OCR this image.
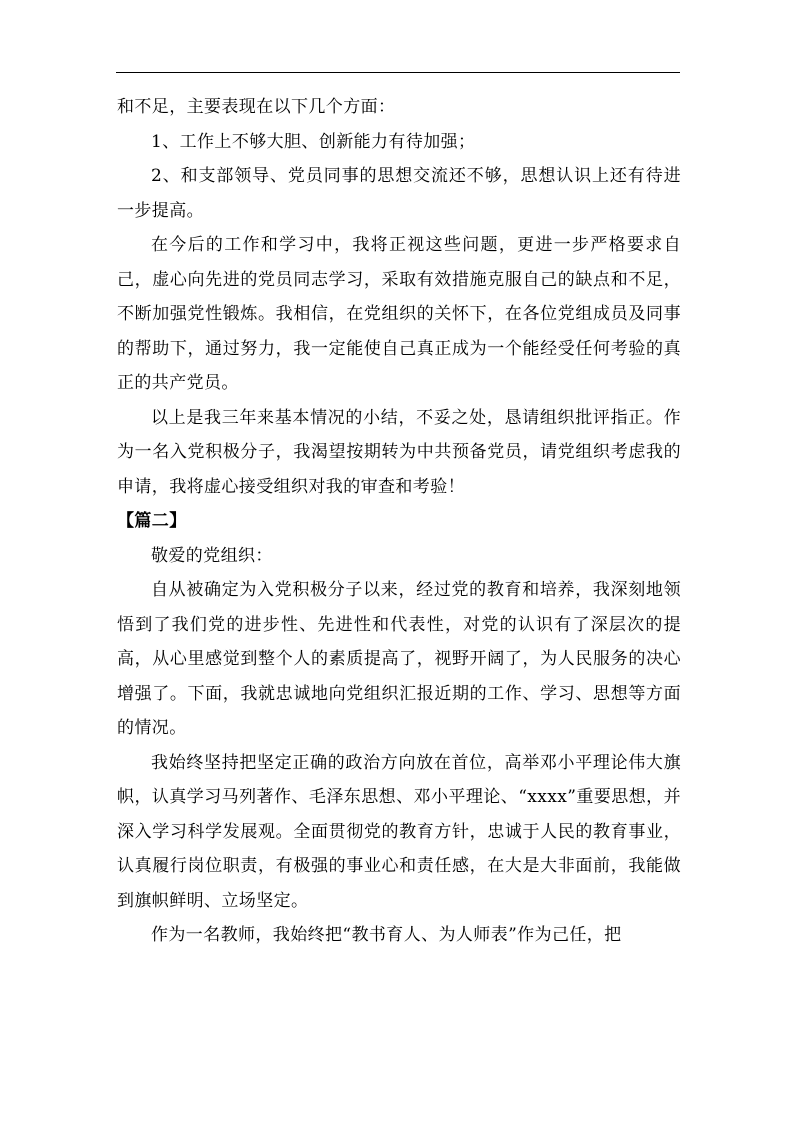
和不足，主要表现在以下几个方面：

1、工作上不够大胆、创新能力有待加强；

2、和支部领导、党员同事的思想交流还不够，思想认识上还有待进一步提高。

在今后的工作和学习中，我将正视这些问题，更进一步严格要求自己，虚心向先进的党员同志学习，采取有效措施克服自己的缺点和不足，不断加强党性锻炼。我相信，在党组织的关怀下，在各位党组成员及同事的帮助下，通过努力，我一定能使自己真正成为一个能经受任何考验的真正的共产党员。

以上是我三年来基本情况的小结，不妥之处，恳请组织批评指正。作为一名入党积极分子，我渴望按期转为中共预备党员，请党组织考虑我的申请，我将虚心接受组织对我的审查和考验！

【篇二】

敬爱的党组织：

自从被确定为入党积极分子以来，经过党的教育和培养，我深刻地领悟到了我们党的进步性、先进性和代表性，对党的认识有了深层次的提高，从心里感觉到整个人的素质提高了，视野开阔了，为人民服务的决心增强了。下面，我就忠诚地向党组织汇报近期的工作、学习、思想等方面的情况。

我始终坚持把坚定正确的政治方向放在首位，高举邓小平理论伟大旗帜，认真学习马列著作、毛泽东思想、邓小平理论、“xxxx”重要思想，并深入学习科学发展观。全面贯彻党的教育方针，忠诚于人民的教育事业，认真履行岗位职责，有极强的事业心和责任感，在大是大非面前，我能做到旗帜鲜明、立场坚定。

作为一名教师，我始终把“教书育人、为人师表”作为己任，把
